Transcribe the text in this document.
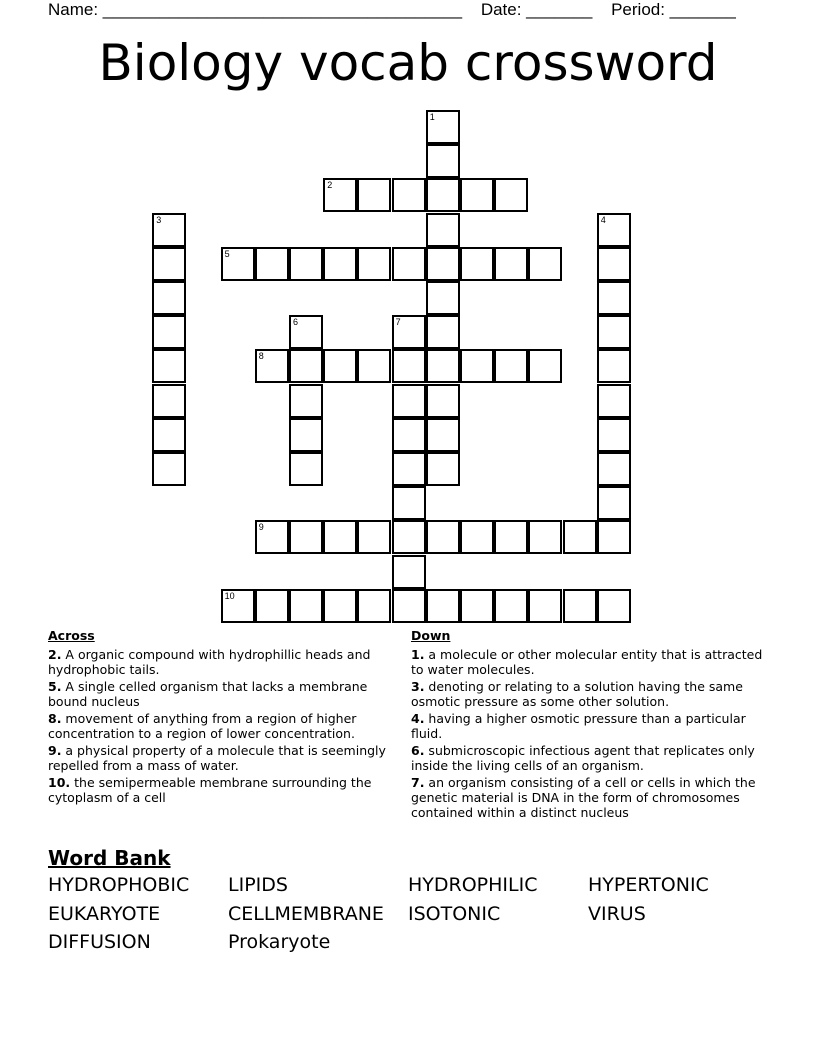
Name: ______________________________________ Date: _______ Period: _______
Biology vocab crossword
1
2
3	4
5
6	7
8
9
10
Across
2. A organic compound with hydrophillic heads and hydrophobic tails.
5. A single celled organism that lacks a membrane bound nucleus
8. movement of anything from a region of higher concentration to a region of lower concentration.
9. a physical property of a molecule that is seemingly repelled from a mass of water.
10. the semipermeable membrane surrounding the cytoplasm of a cell
Down
1. a molecule or other molecular entity that is attracted to water molecules.
3. denoting or relating to a solution having the same osmotic pressure as some other solution.
4. having a higher osmotic pressure than a particular fluid.
6. submicroscopic infectious agent that replicates only inside the living cells of an organism.
7. an organism consisting of a cell or cells in which the genetic material is DNA in the form of chromosomes contained within a distinct nucleus
Word Bank
HYDROPHOBIC LIPIDS	HYDROPHILIC	HYPERTONIC
EUKARYOTE	CELLMEMBRANE ISOTONIC	VIRUS
DIFFUSION	Prokaryote
